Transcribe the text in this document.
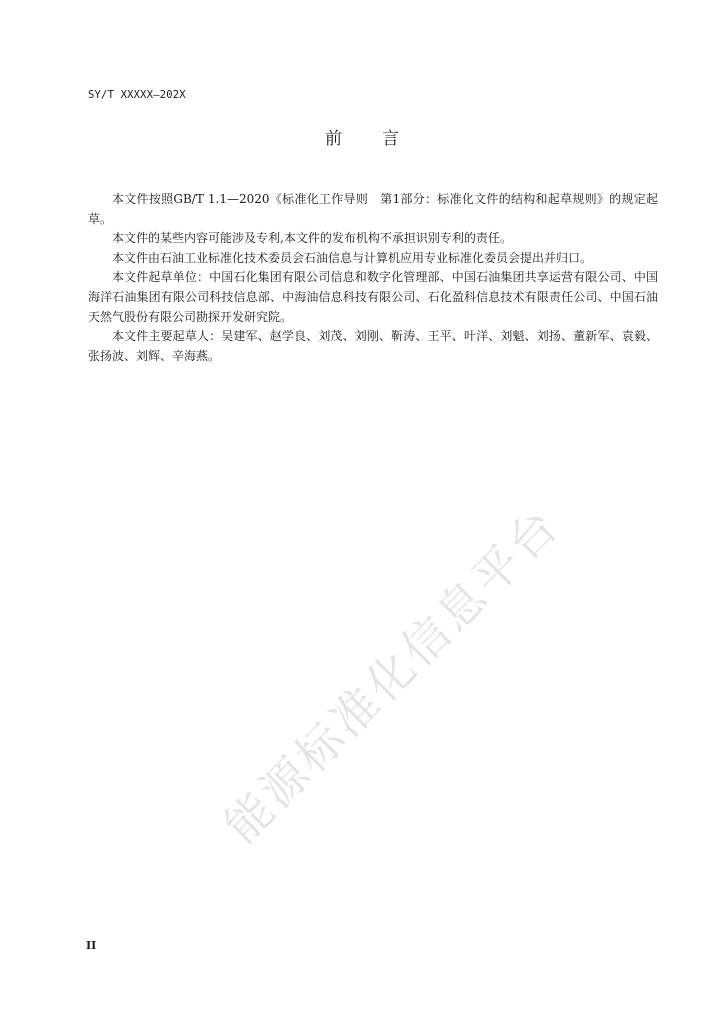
SY/T XXXXX—202X
前言

本文件按照GB/T 1.1—2020《标准化工作导则　第1部分：标准化文件的结构和起草规则》的规定起草。

本文件的某些内容可能涉及专利,本文件的发布机构不承担识别专利的责任。

本文件由石油工业标准化技术委员会石油信息与计算机应用专业标准化委员会提出并归口。

本文件起草单位：中国石化集团有限公司信息和数字化管理部、中国石油集团共享运营有限公司、中国海洋石油集团有限公司科技信息部、中海油信息科技有限公司、石化盈科信息技术有限责任公司、中国石油天然气股份有限公司勘探开发研究院。

本文件主要起草人：吴建军、赵学良、刘茂、刘刚、靳涛、王平、叶洋、刘魁、刘扬、董新军、袁毅、张扬波、刘辉、辛海燕。

能源标准化信息平台
II
